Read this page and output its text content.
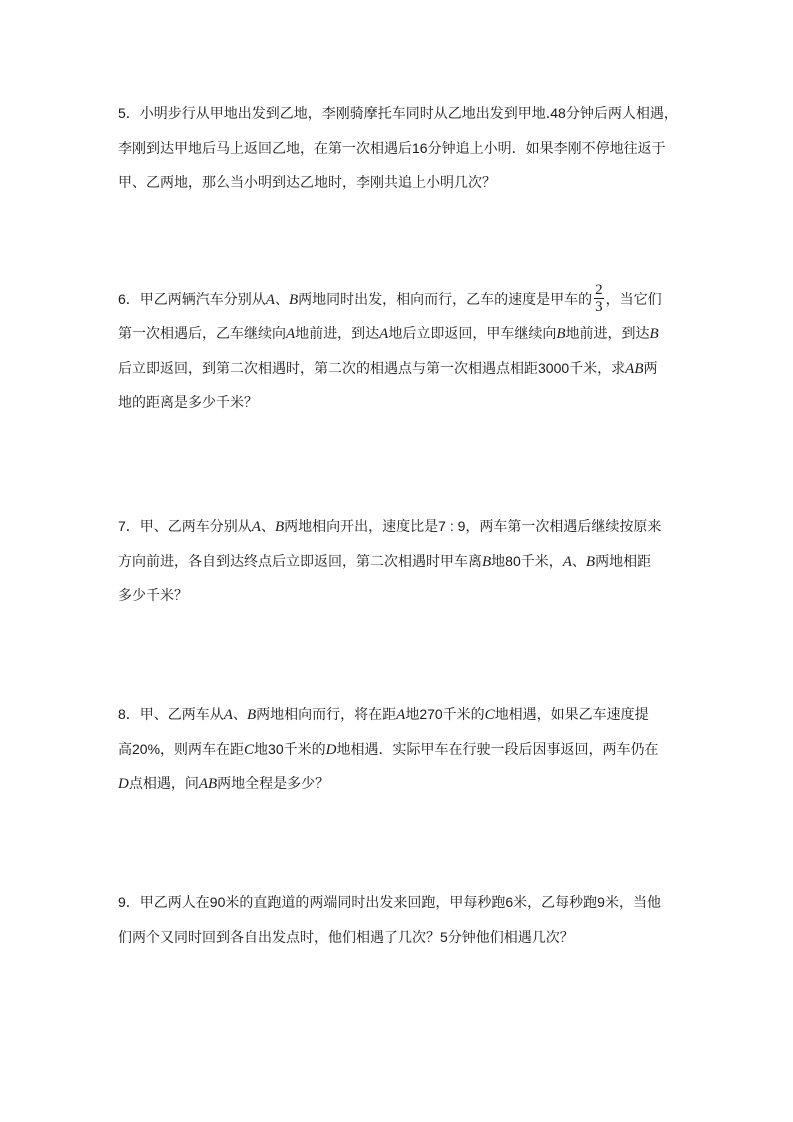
5．小明步行从甲地出发到乙地，李刚骑摩托车同时从乙地出发到甲地.48分钟后两人相遇，
李刚到达甲地后马上返回乙地，在第一次相遇后16分钟追上小明．如果李刚不停地往返于
甲、乙两地，那么当小明到达乙地时，李刚共追上小明几次？
6．甲乙两辆汽车分别从A、B两地同时出发，相向而行，乙车的速度是甲车的 $\frac{2}{3}$ ，当它们
第一次相遇后，乙车继续向A地前进，到达A地后立即返回，甲车继续向B地前进，到达B
后立即返回，到第二次相遇时，第二次的相遇点与第一次相遇点相距3000千米，求AB两
地的距离是多少千米？
7．甲、乙两车分别从A、B两地相向开出，速度比是7 : 9，两车第一次相遇后继续按原来
方向前进，各自到达终点后立即返回，第二次相遇时甲车离B地80千米，A、B两地相距
多少千米？
8．甲、乙两车从A、B两地相向而行，将在距A地270千米的C地相遇，如果乙车速度提
高20%，则两车在距C地30千米的D地相遇．实际甲车在行驶一段后因事返回，两车仍在
D点相遇，问AB两地全程是多少？
9．甲乙两人在90米的直跑道的两端同时出发来回跑，甲每秒跑6米，乙每秒跑9米，当他
们两个又同时回到各自出发点时，他们相遇了几次？5分钟他们相遇几次？
